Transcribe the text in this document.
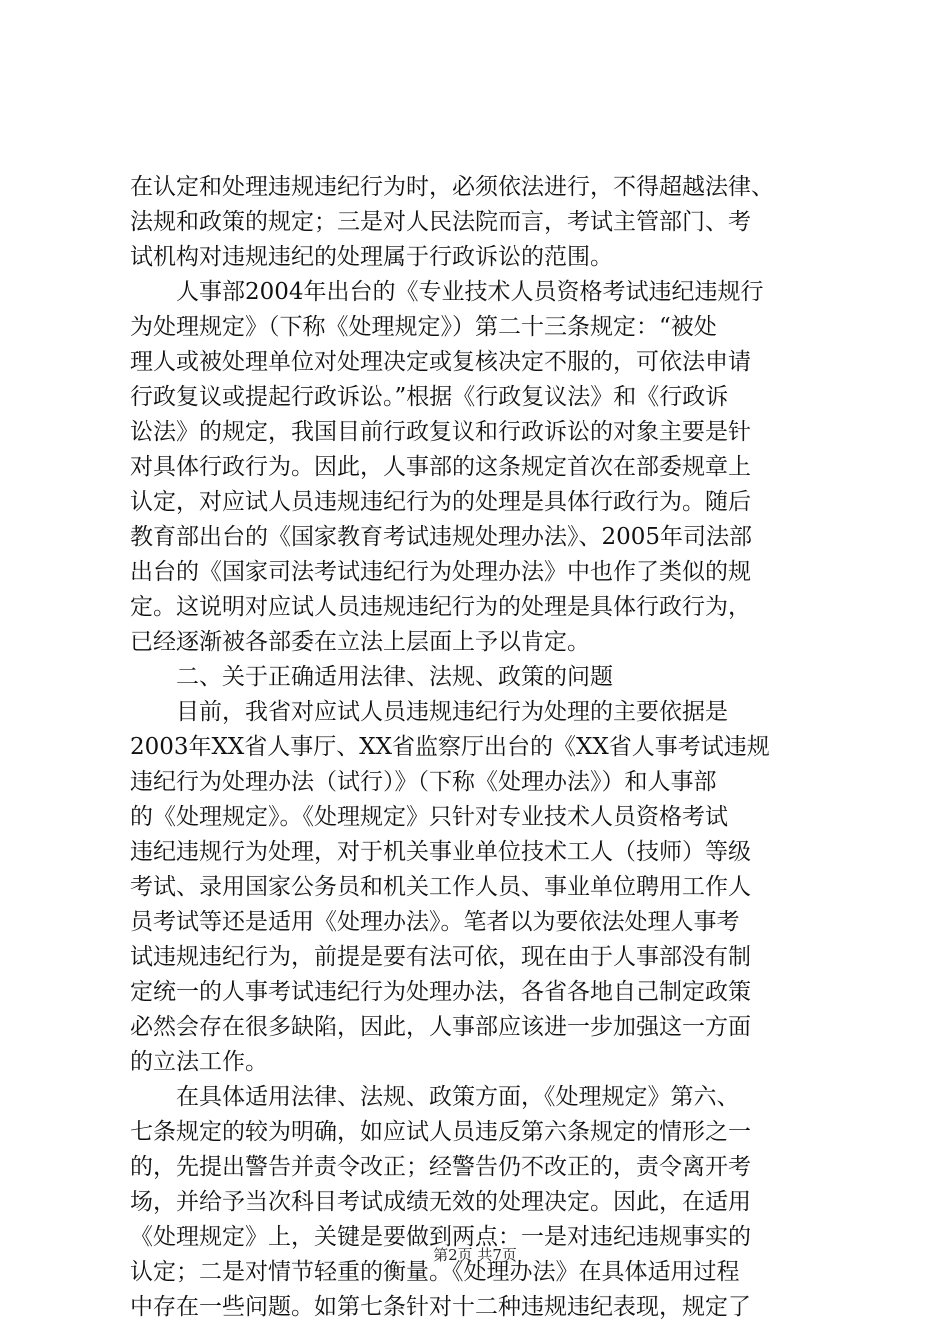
在认定和处理违规违纪行为时，必须依法进行，不得超越法律、
法规和政策的规定；三是对人民法院而言，考试主管部门、考
试机构对违规违纪的处理属于行政诉讼的范围。
　　人事部2004年出台的《专业技术人员资格考试违纪违规行
为处理规定》（下称《处理规定》）第二十三条规定：“被处
理人或被处理单位对处理决定或复核决定不服的，可依法申请
行政复议或提起行政诉讼。”根据《行政复议法》和《行政诉
讼法》的规定，我国目前行政复议和行政诉讼的对象主要是针
对具体行政行为。因此，人事部的这条规定首次在部委规章上
认定，对应试人员违规违纪行为的处理是具体行政行为。随后
教育部出台的《国家教育考试违规处理办法》、2005年司法部
出台的《国家司法考试违纪行为处理办法》中也作了类似的规
定。这说明对应试人员违规违纪行为的处理是具体行政行为，
已经逐渐被各部委在立法上层面上予以肯定。
　　二、关于正确适用法律、法规、政策的问题
　　目前，我省对应试人员违规违纪行为处理的主要依据是
2003年XX省人事厅、XX省监察厅出台的《XX省人事考试违规
违纪行为处理办法（试行）》（下称《处理办法》）和人事部
的《处理规定》。《处理规定》只针对专业技术人员资格考试
违纪违规行为处理，对于机关事业单位技术工人（技师）等级
考试、录用国家公务员和机关工作人员、事业单位聘用工作人
员考试等还是适用《处理办法》。笔者以为要依法处理人事考
试违规违纪行为，前提是要有法可依，现在由于人事部没有制
定统一的人事考试违纪行为处理办法，各省各地自己制定政策
必然会存在很多缺陷，因此，人事部应该进一步加强这一方面
的立法工作。
　　在具体适用法律、法规、政策方面，《处理规定》第六、
七条规定的较为明确，如应试人员违反第六条规定的情形之一
的，先提出警告并责令改正；经警告仍不改正的，责令离开考
场，并给予当次科目考试成绩无效的处理决定。因此，在适用
《处理规定》上，关键是要做到两点：一是对违纪违规事实的
认定；二是对情节轻重的衡量。《处理办法》在具体适用过程
中存在一些问题。如第七条针对十二种违规违纪表现，规定了
第2页 共7页
